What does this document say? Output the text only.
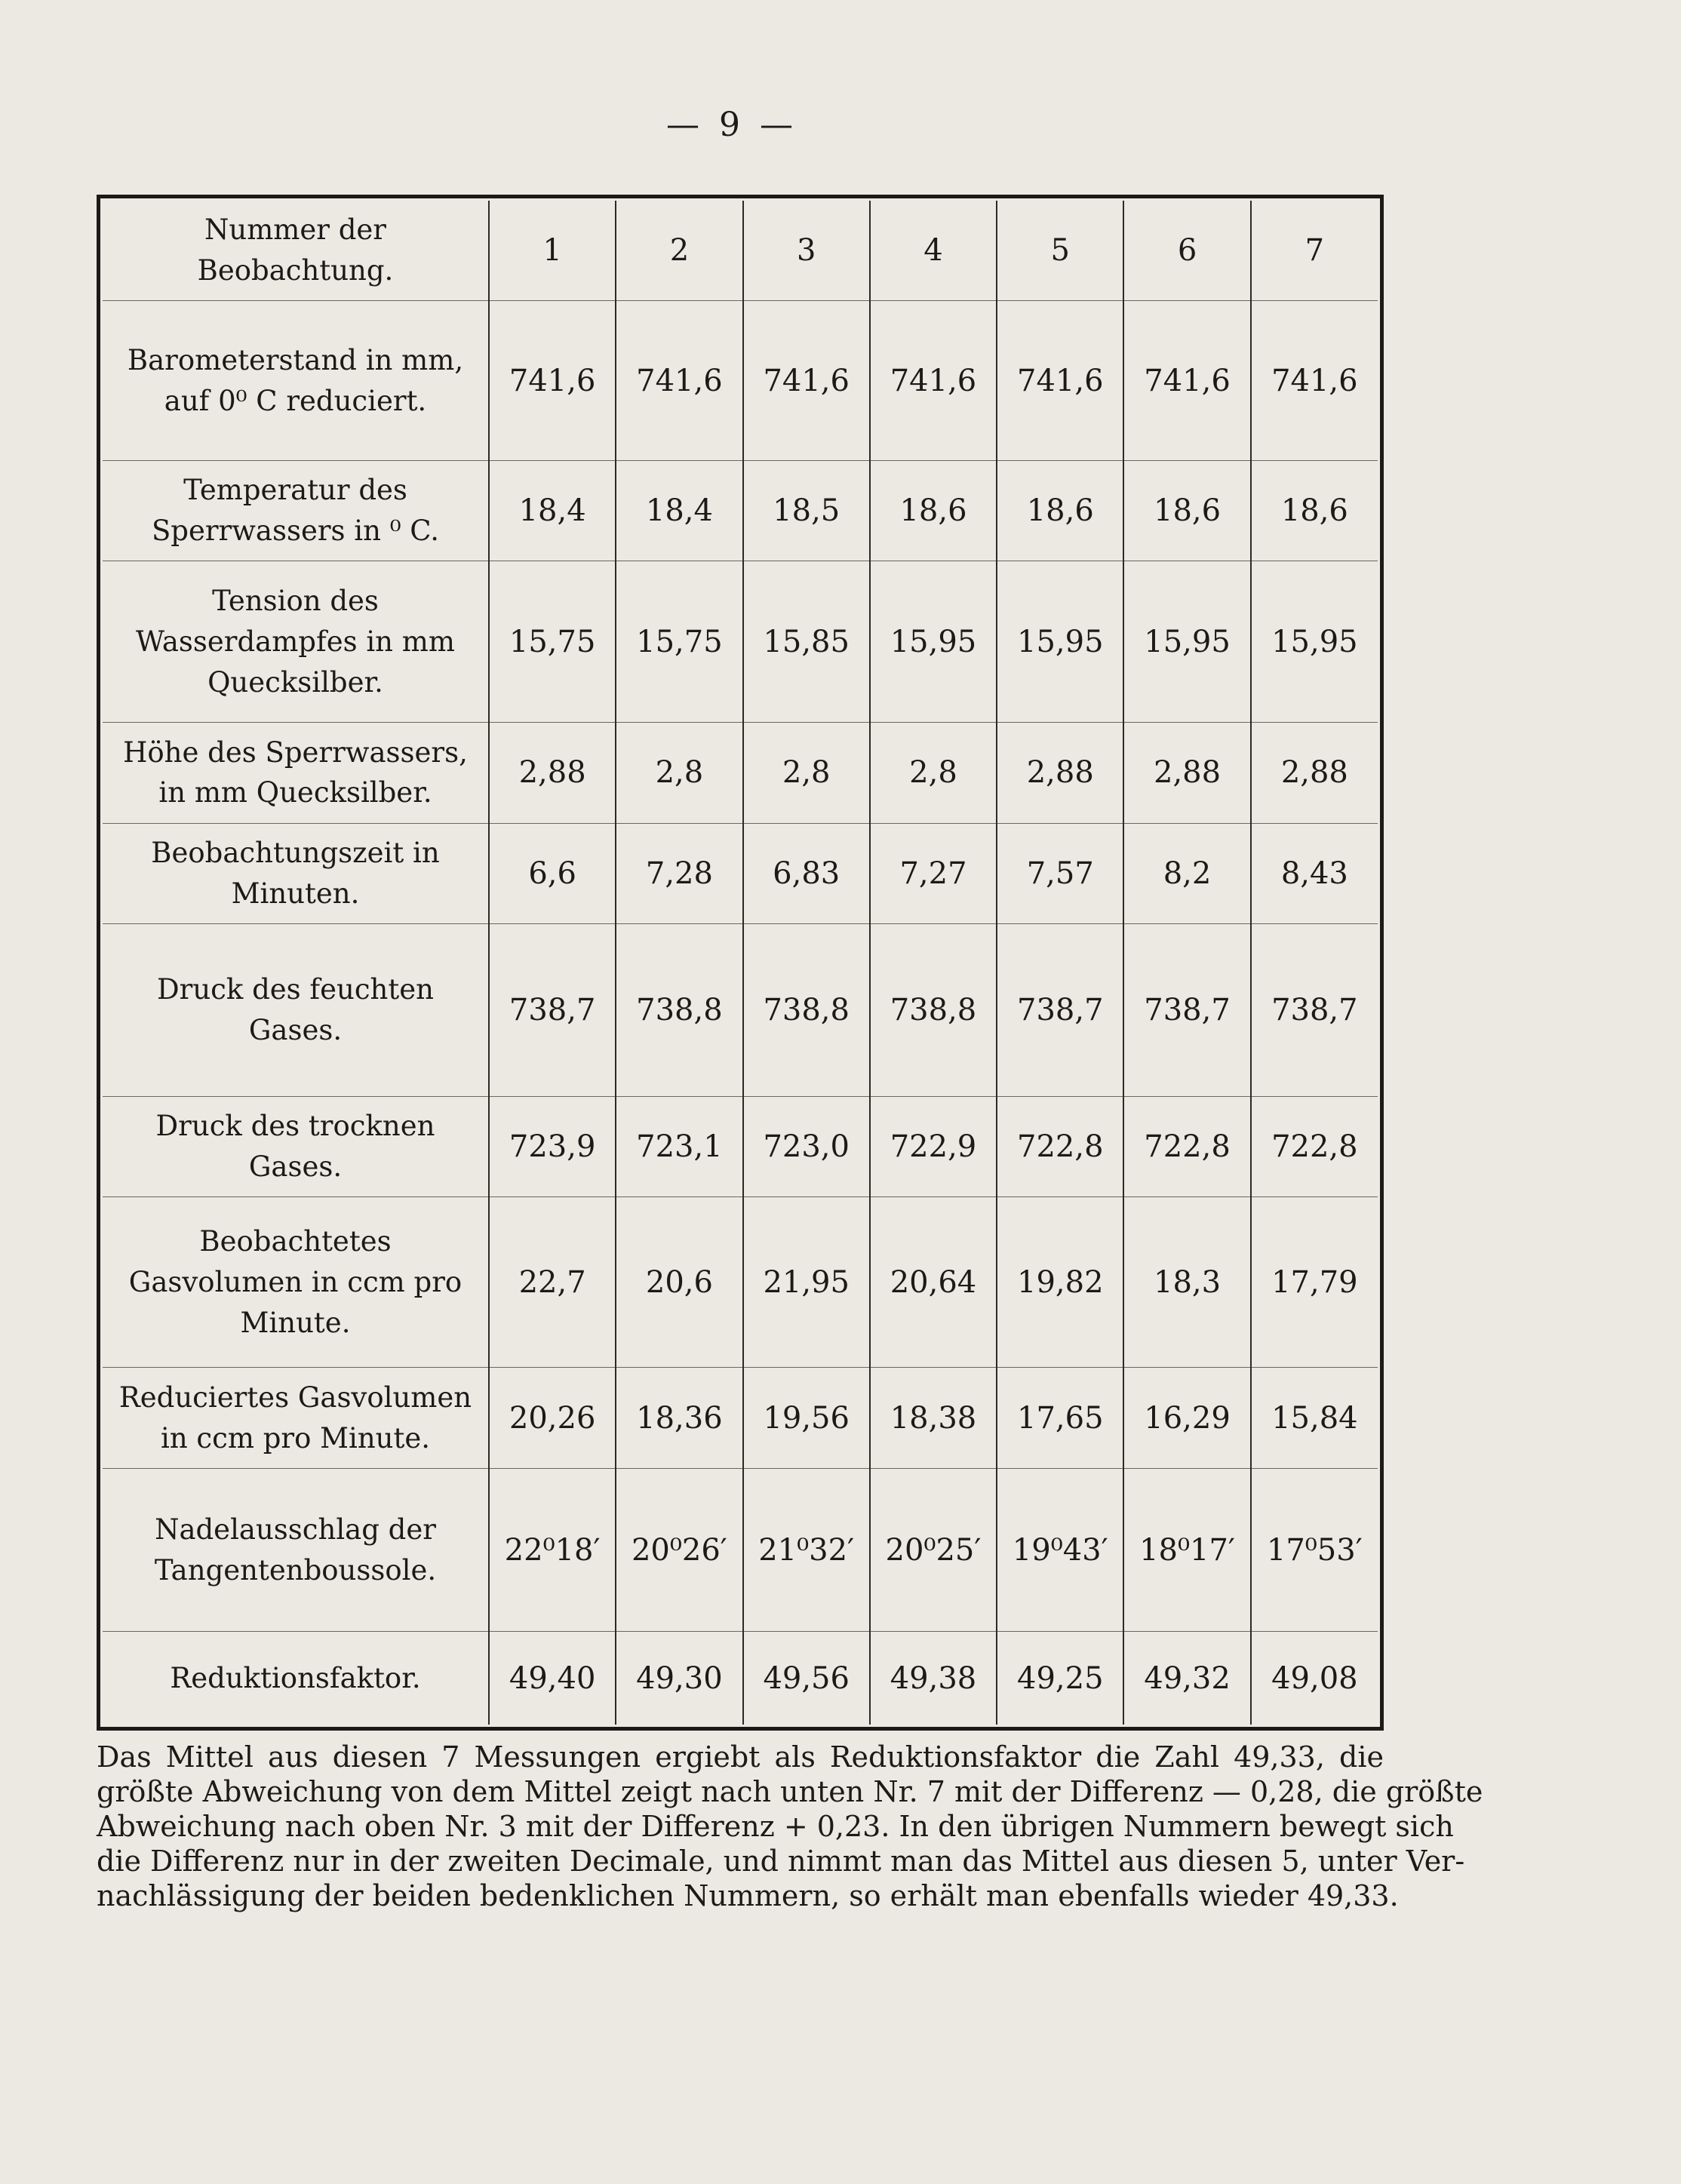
— 9 —
Nummer der Beobachtung.	1	2	3	4	5	6	7
Barometerstand in mm, auf 0⁰ C reduciert.	741,6	741,6	741,6	741,6	741,6	741,6	741,6
Temperatur des Sperrwassers in ⁰ C.	18,4	18,4	18,5	18,6	18,6	18,6	18,6
Tension des Wasserdampfes in mm Quecksilber.	15,75	15,75	15,85	15,95	15,95	15,95	15,95
Höhe des Sperrwassers, in mm Quecksilber.	2,88	2,8	2,8	2,8	2,88	2,88	2,88
Beobachtungszeit in Minuten.	6,6	7,28	6,83	7,27	7,57	8,2	8,43
Druck des feuchten Gases.	738,7	738,8	738,8	738,8	738,7	738,7	738,7
Druck des trocknen Gases.	723,9	723,1	723,0	722,9	722,8	722,8	722,8
Beobachtetes Gasvolumen in ccm pro Minute.	22,7	20,6	21,95	20,64	19,82	18,3	17,79
Reduciertes Gasvolumen in ccm pro Minute.	20,26	18,36	19,56	18,38	17,65	16,29	15,84
Nadelausschlag der Tangentenboussole.	22⁰18′	20⁰26′	21⁰32′	20⁰25′	19⁰43′	18⁰17′	17⁰53′
Reduktionsfaktor.	49,40	49,30	49,56	49,38	49,25	49,32	49,08
Das Mittel aus diesen 7 Messungen ergiebt als Reduktionsfaktor die Zahl 49,33, die
größte Abweichung von dem Mittel zeigt nach unten Nr. 7 mit der Differenz — 0,28, die größte
Abweichung nach oben Nr. 3 mit der Differenz + 0,23. In den übrigen Nummern bewegt sich
die Differenz nur in der zweiten Decimale, und nimmt man das Mittel aus diesen 5, unter Ver-
nachlässigung der beiden bedenklichen Nummern, so erhält man ebenfalls wieder 49,33.
